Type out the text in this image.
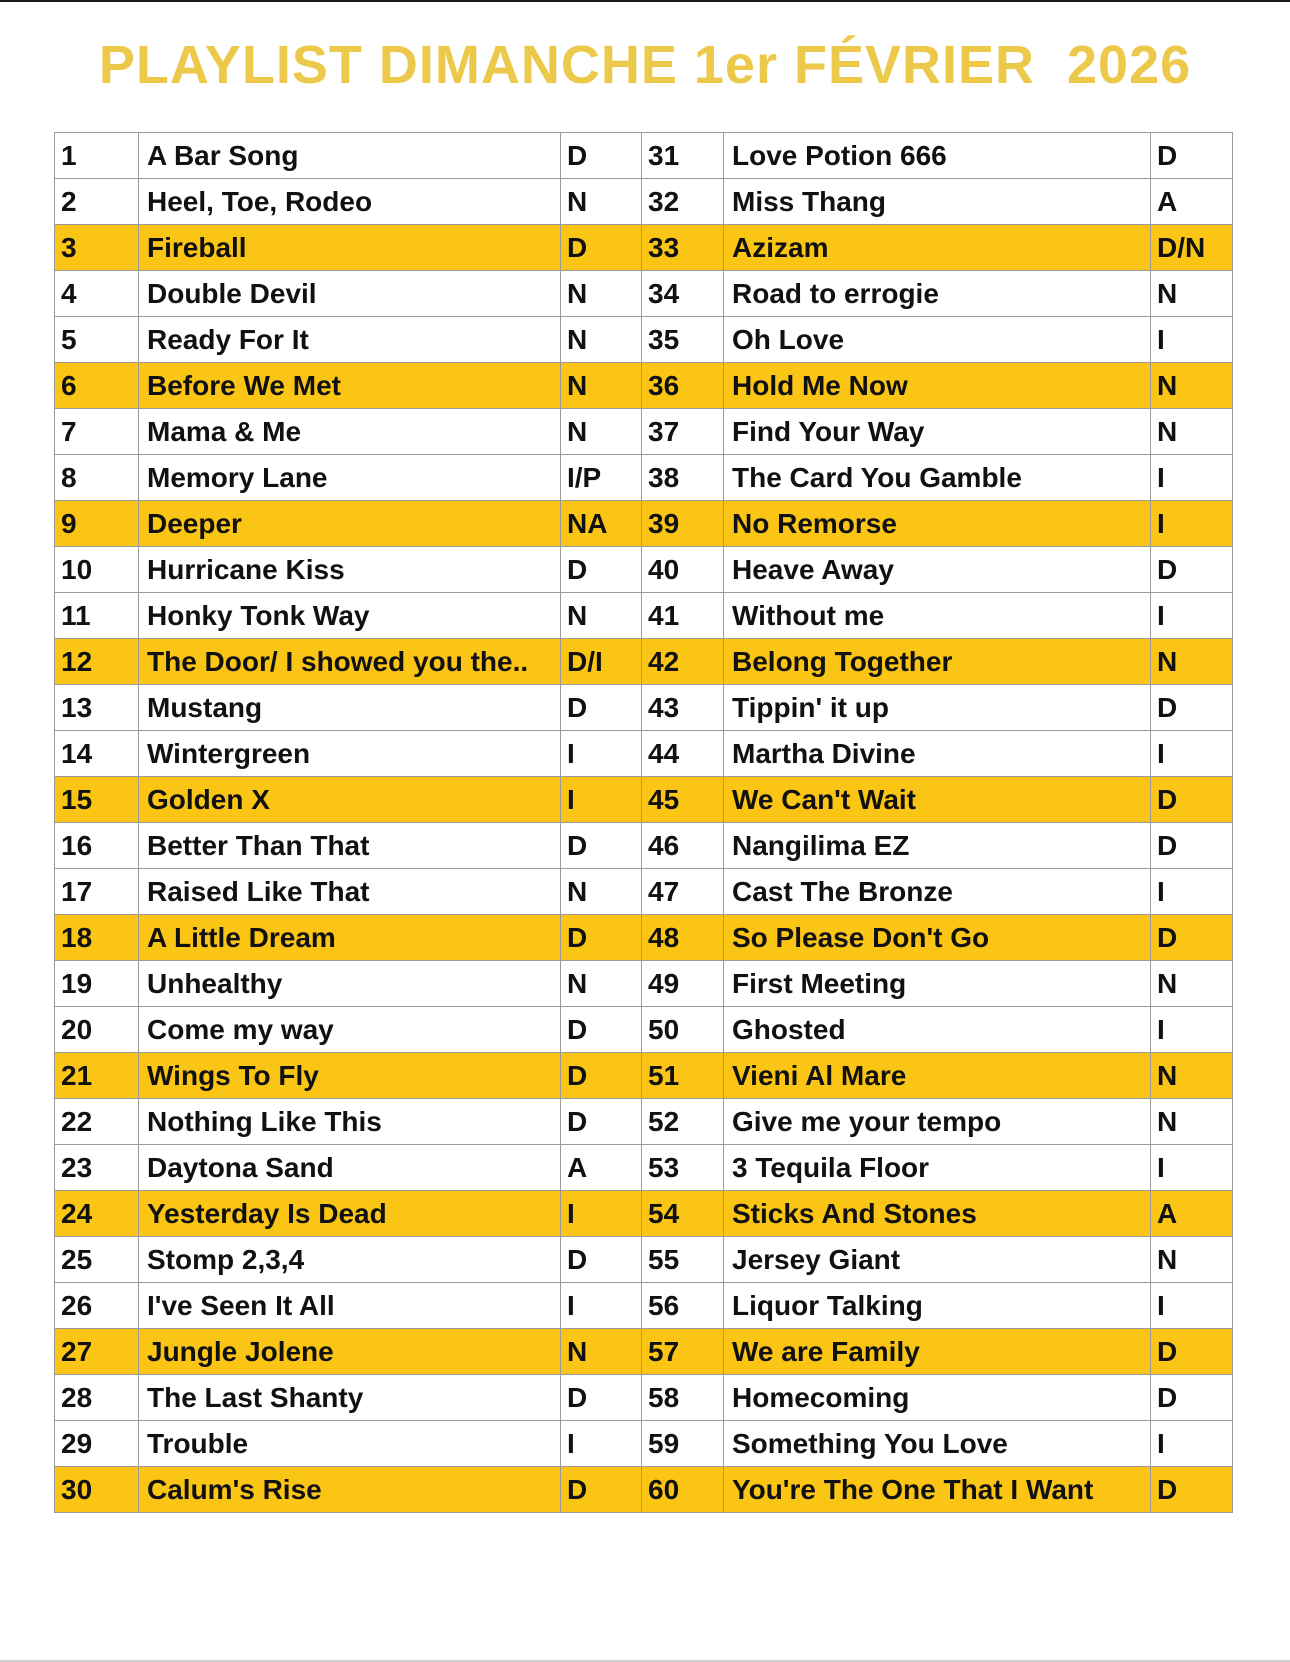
PLAYLIST DIMANCHE 1er FÉVRIER  2026
1	A Bar Song	D	31	Love Potion 666	D
2	Heel, Toe, Rodeo	N	32	Miss Thang	A
3	Fireball	D	33	Azizam	D/N
4	Double Devil	N	34	Road to errogie	N
5	Ready For It	N	35	Oh Love	I
6	Before We Met	N	36	Hold Me Now	N
7	Mama & Me	N	37	Find Your Way	N
8	Memory Lane	I/P	38	The Card You Gamble	I
9	Deeper	NA	39	No Remorse	I
10	Hurricane Kiss	D	40	Heave Away	D
11	Honky Tonk Way	N	41	Without me	I
12	The Door/ I showed you the..	D/I	42	Belong Together	N
13	Mustang	D	43	Tippin' it up	D
14	Wintergreen	I	44	Martha Divine	I
15	Golden X	I	45	We Can't Wait	D
16	Better Than That	D	46	Nangilima EZ	D
17	Raised Like That	N	47	Cast The Bronze	I
18	A Little Dream	D	48	So Please Don't Go	D
19	Unhealthy	N	49	First Meeting	N
20	Come my way	D	50	Ghosted	I
21	Wings To Fly	D	51	Vieni Al Mare	N
22	Nothing Like This	D	52	Give me your tempo	N
23	Daytona Sand	A	53	3 Tequila Floor	I
24	Yesterday Is Dead	I	54	Sticks And Stones	A
25	Stomp 2,3,4	D	55	Jersey Giant	N
26	I've Seen It All	I	56	Liquor Talking	I
27	Jungle Jolene	N	57	We are Family	D
28	The Last Shanty	D	58	Homecoming	D
29	Trouble	I	59	Something You Love	I
30	Calum's Rise	D	60	You're The One That I Want	D
